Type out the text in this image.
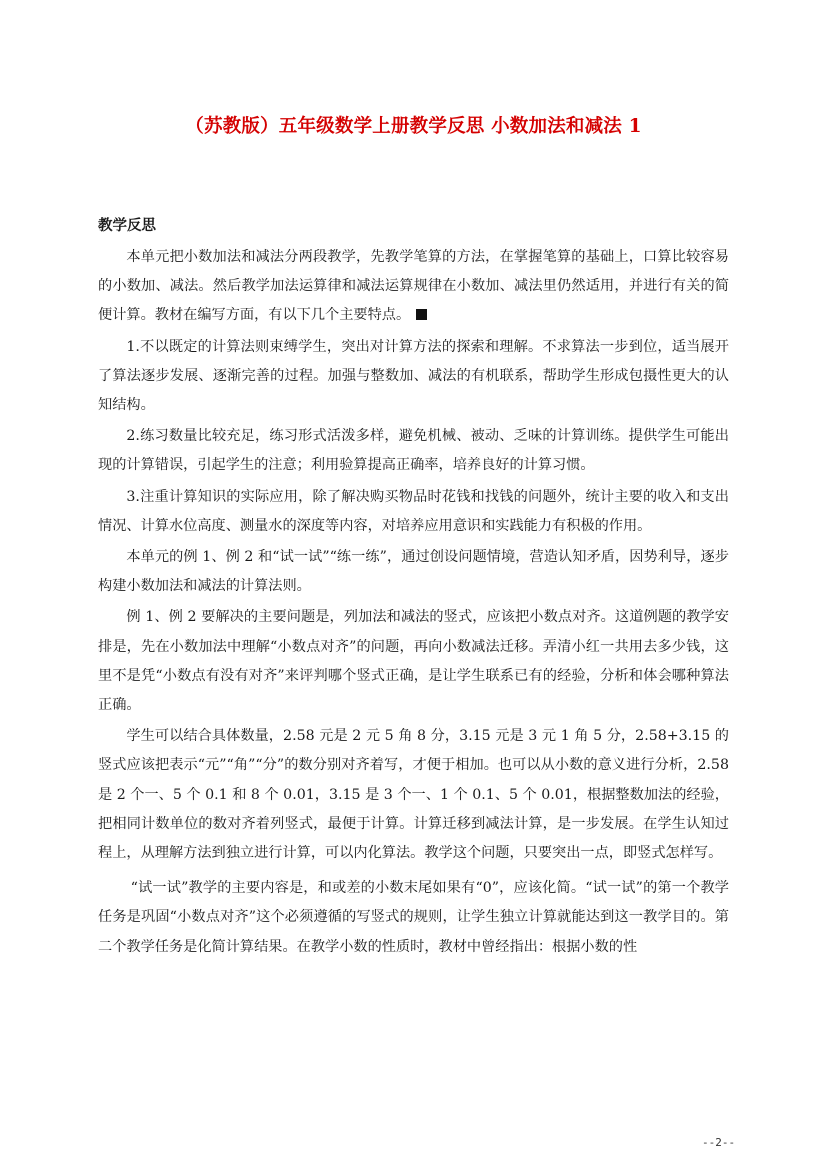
（苏教版）五年级数学上册教学反思 小数加法和减法 1
教学反思

本单元把小数加法和减法分两段教学，先教学笔算的方法，在掌握笔算的基础上，口算比较容易的小数加、减法。然后教学加法运算律和减法运算规律在小数加、减法里仍然适用，并进行有关的简便计算。教材在编写方面，有以下几个主要特点。

1.不以既定的计算法则束缚学生，突出对计算方法的探索和理解。不求算法一步到位，适当展开了算法逐步发展、逐渐完善的过程。加强与整数加、减法的有机联系，帮助学生形成包摄性更大的认知结构。

2.练习数量比较充足，练习形式活泼多样，避免机械、被动、乏味的计算训练。提供学生可能出现的计算错误，引起学生的注意；利用验算提高正确率，培养良好的计算习惯。

3.注重计算知识的实际应用，除了解决购买物品时花钱和找钱的问题外，统计主要的收入和支出情况、计算水位高度、测量水的深度等内容，对培养应用意识和实践能力有积极的作用。

本单元的例 1、例 2 和“试一试”“练一练”，通过创设问题情境，营造认知矛盾，因势利导，逐步构建小数加法和减法的计算法则。

例 1、例 2 要解决的主要问题是，列加法和减法的竖式，应该把小数点对齐。这道例题的教学安排是，先在小数加法中理解“小数点对齐”的问题，再向小数减法迁移。弄清小红一共用去多少钱，这里不是凭“小数点有没有对齐”来评判哪个竖式正确，是让学生联系已有的经验，分析和体会哪种算法正确。

学生可以结合具体数量，2.58 元是 2 元 5 角 8 分，3.15 元是 3 元 1 角 5 分，2.58+3.15 的竖式应该把表示“元”“角”“分”的数分别对齐着写，才便于相加。也可以从小数的意义进行分析，2.58 是 2 个一、5 个 0.1 和 8 个 0.01，3.15 是 3 个一、1 个 0.1、5 个 0.01，根据整数加法的经验，把相同计数单位的数对齐着列竖式，最便于计算。计算迁移到减法计算，是一步发展。在学生认知过程上，从理解方法到独立进行计算，可以内化算法。教学这个问题，只要突出一点，即竖式怎样写。

“试一试”教学的主要内容是，和或差的小数末尾如果有“0”，应该化简。“试一试”的第一个教学任务是巩固“小数点对齐”这个必须遵循的写竖式的规则，让学生独立计算就能达到这一教学目的。第二个教学任务是化简计算结果。在教学小数的性质时，教材中曾经指出：根据小数的性

--2--
